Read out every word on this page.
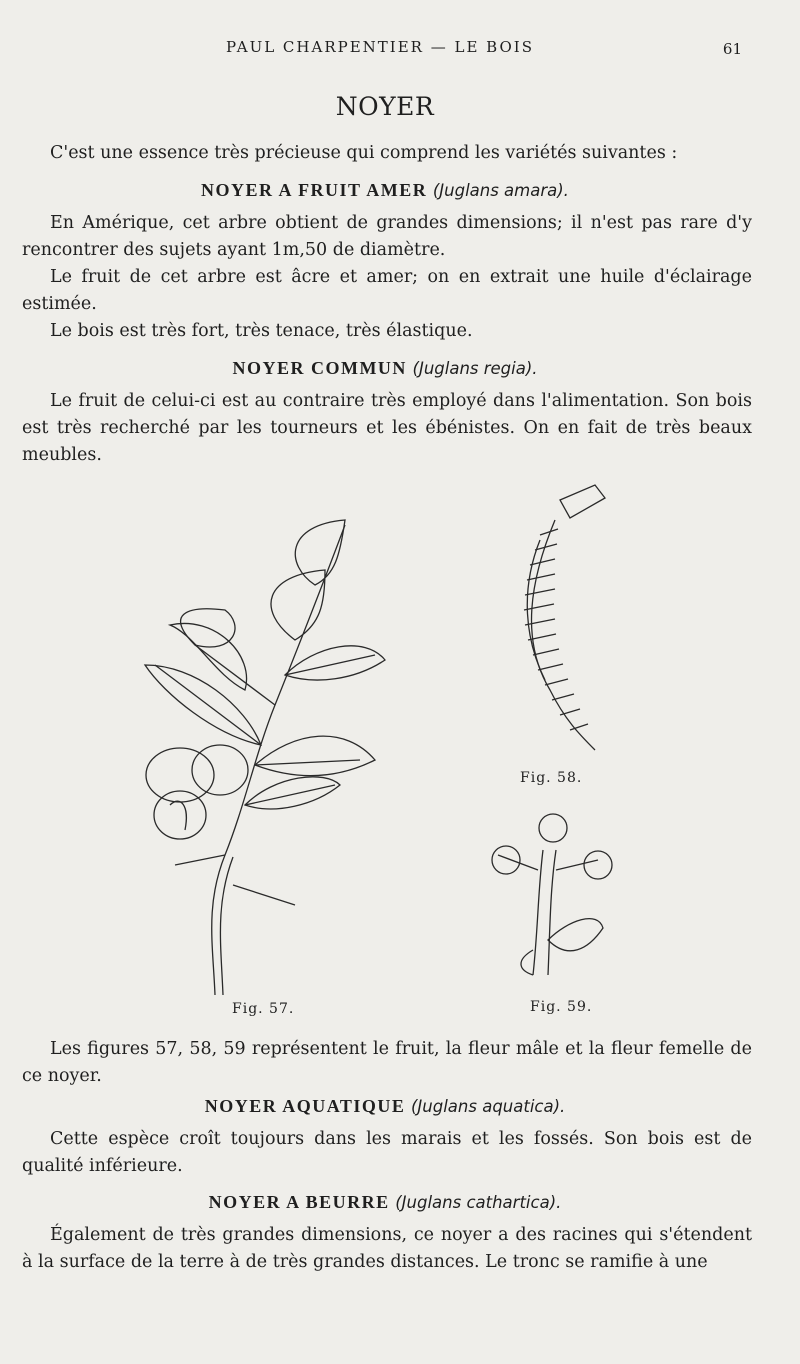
PAUL CHARPENTIER — LE BOIS	61
NOYER
C'est une essence très précieuse qui comprend les variétés suivantes :
NOYER A FRUIT AMER (Juglans amara).
En Amérique, cet arbre obtient de grandes dimensions; il n'est pas rare d'y rencontrer des sujets ayant 1m,50 de diamètre.
Le fruit de cet arbre est âcre et amer; on en extrait une huile d'éclairage estimée.
Le bois est très fort, très tenace, très élastique.
NOYER COMMUN (Juglans regia).
Le fruit de celui-ci est au contraire très employé dans l'alimentation. Son bois est très recherché par les tourneurs et les ébénistes. On en fait de très beaux meubles.
Fig. 58.
Fig. 57.	Fig. 59.
Les figures 57, 58, 59 représentent le fruit, la fleur mâle et la fleur femelle de ce noyer.
NOYER AQUATIQUE (Juglans aquatica).
Cette espèce croît toujours dans les marais et les fossés. Son bois est de qualité inférieure.
NOYER A BEURRE (Juglans cathartica).
Également de très grandes dimensions, ce noyer a des racines qui s'étendent à la surface de la terre à de très grandes distances. Le tronc se ramifie à une
